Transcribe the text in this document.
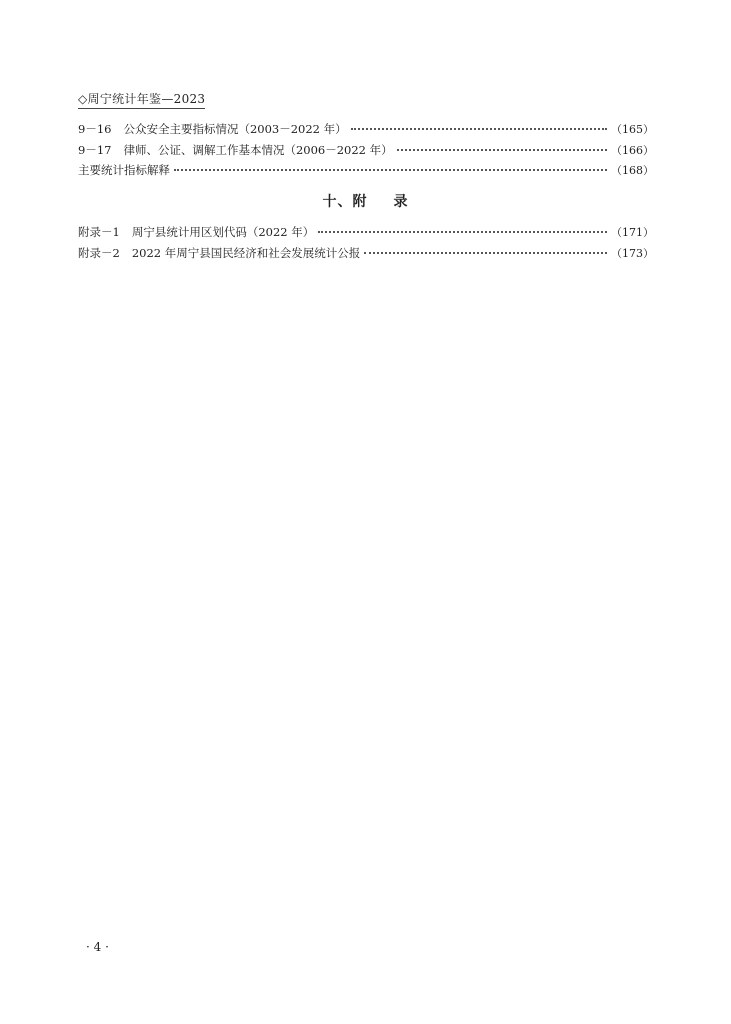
◇周宁统计年鉴—2023
9－16 公众安全主要指标情况（2003－2022 年）	（165）
9－17 律师、公证、调解工作基本情况（2006－2022 年）	（166）
主要统计指标解释	（168）
十、附 录
附录－1 周宁县统计用区划代码（2022 年）	（171）
附录－2 2022 年周宁县国民经济和社会发展统计公报	（173）
· 4 ·
